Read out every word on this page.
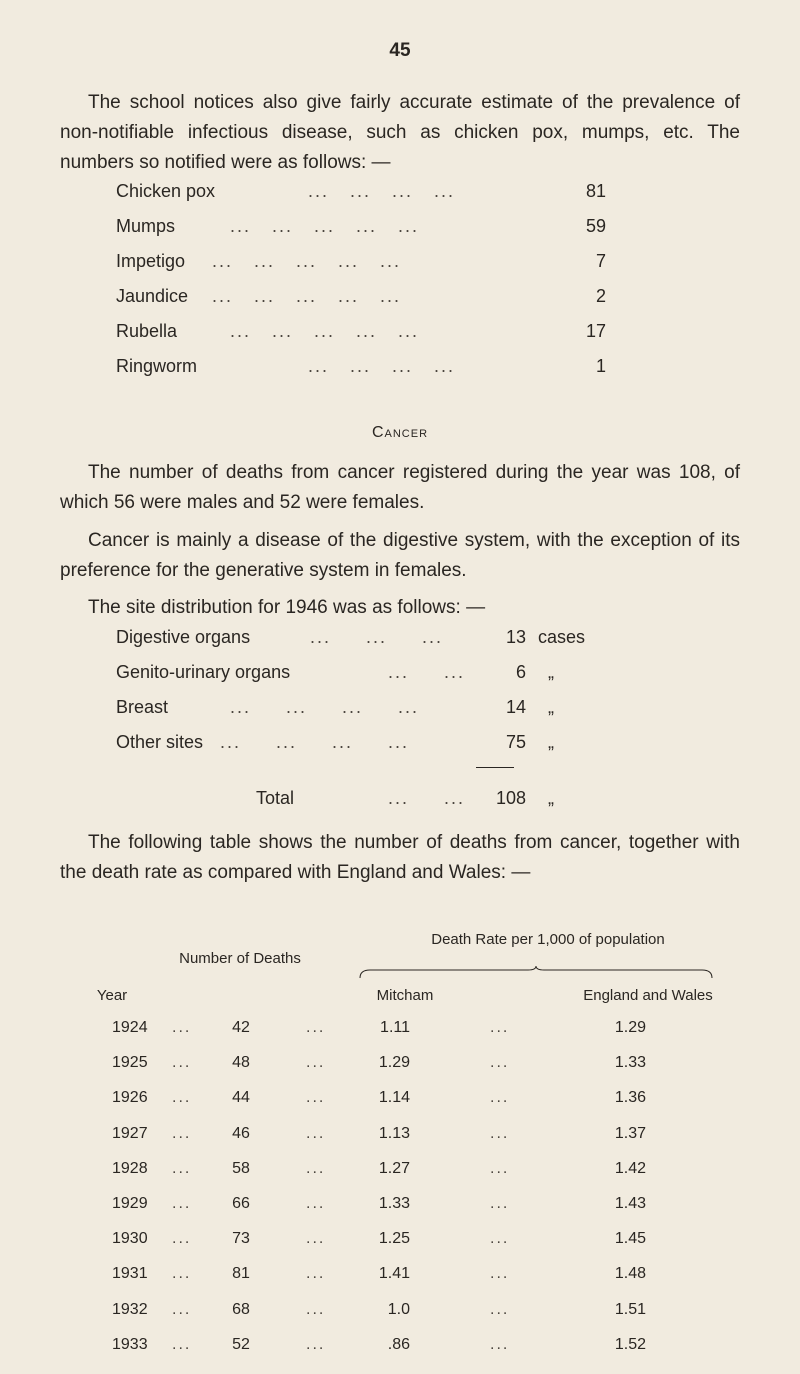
45

The school notices also give fairly accurate estimate of the prevalence of non-notifiable infectious disease, such as chicken pox, mumps, etc. The numbers so notified were as follows: —

Chicken pox	...   ...   ...   ...	81
Mumps	...   ...   ...   ...   ...	59
Impetigo ...   ...   ...   ...   ...	7
Jaundice ...   ...   ...   ...   ...	2
Rubella	...   ...   ...   ...   ...	17
Ringworm	...   ...   ...   ...	1
Cancer

The number of deaths from cancer registered during the year was 108, of which 56 were males and 52 were females.

Cancer is mainly a disease of the digestive system, with the exception of its preference for the generative system in females.

The site distribution for 1946 was as follows: —

Digestive organs	...     ...     ...	13 cases
Genito-urinary organs	...     ...	6 „
Breast	...     ...     ...     ...	14 „
Other sites ...     ...     ...     ...	75 „
Total	...     ...	108 „

The following table shows the number of deaths from cancer, together with the death rate as compared with England and Wales: —

Death Rate per 1,000 of population
Number of Deaths
Year	Mitcham	England and Wales
1924 ...	42	...	1.11	...	1.29
1925 ...	48	...	1.29	...	1.33
1926 ...	44	...	1.14	...	1.36
1927 ...	46	...	1.13	...	1.37
1928 ...	58	...	1.27	...	1.42
1929 ...	66	...	1.33	...	1.43
1930 ...	73	...	1.25	...	1.45
1931 ...	81	...	1.41	...	1.48
1932 ...	68	...	1.0	...	1.51
1933 ...	52	...	.86	...	1.52
